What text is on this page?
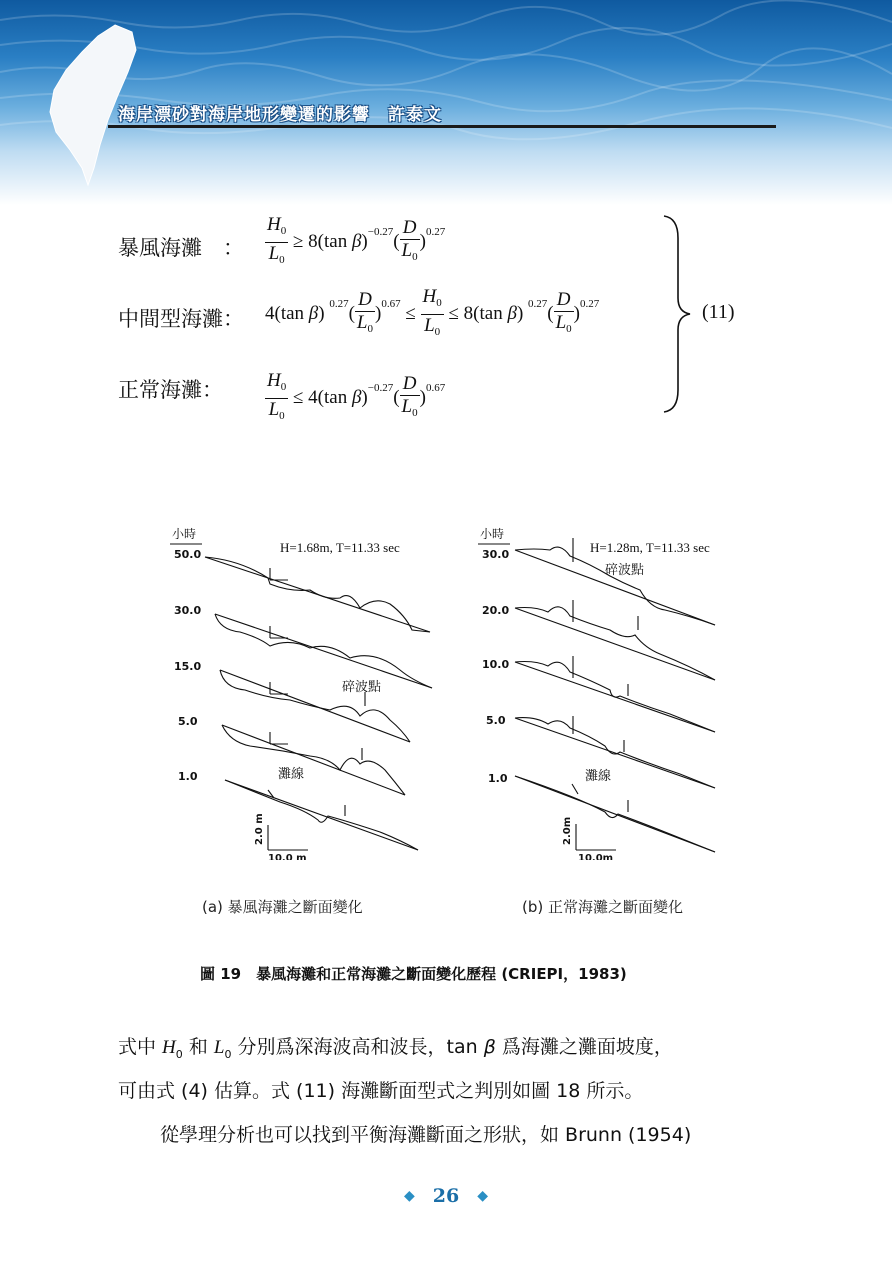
海岸漂砂對海岸地形變遷的影響　許泰文
暴風海灘　： $\frac{H_0}{L_0} \ge 8(\tan$ $\beta)^{-0.27}( \frac{D}{L_0} )^{0.27}$
中間型海灘： 4(tan β) $^{0.27}( \frac{D}{L_0} )^{0.67} \le \frac{H_0}{L_0} \le 8(\tan$ β) $^{0.27}( \frac{D}{L_0} )^{0.27}$
正常海灘： $\frac{H_0}{L_0} \le 4(\tan$ $\beta)^{-0.27}( \frac{D}{L_0} )^{0.67}$
(11)
小時
H=1.68m, T=11.33 sec
50.0
30.0
15.0
5.0
1.0
碎波點
灘線
2.0 m
10.0 m
小時
H=1.28m, T=11.33 sec
30.0
20.0
10.0
5.0
1.0
碎波點
灘線
2.0m
10.0m
(a) 暴風海灘之斷面變化	(b) 正常海灘之斷面變化
圖 19　暴風海灘和正常海灘之斷面變化歷程 (CRIEPI，1983)
式中 $H_0$ 和 $L_0$ 分別爲深海波高和波長，tan β 爲海灘之灘面坡度，
可由式 (4) 估算。式 (11) 海灘斷面型式之判別如圖 18 所示。
從學理分析也可以找到平衡海灘斷面之形狀，如 Brunn (1954)
◆ 26 ◆
